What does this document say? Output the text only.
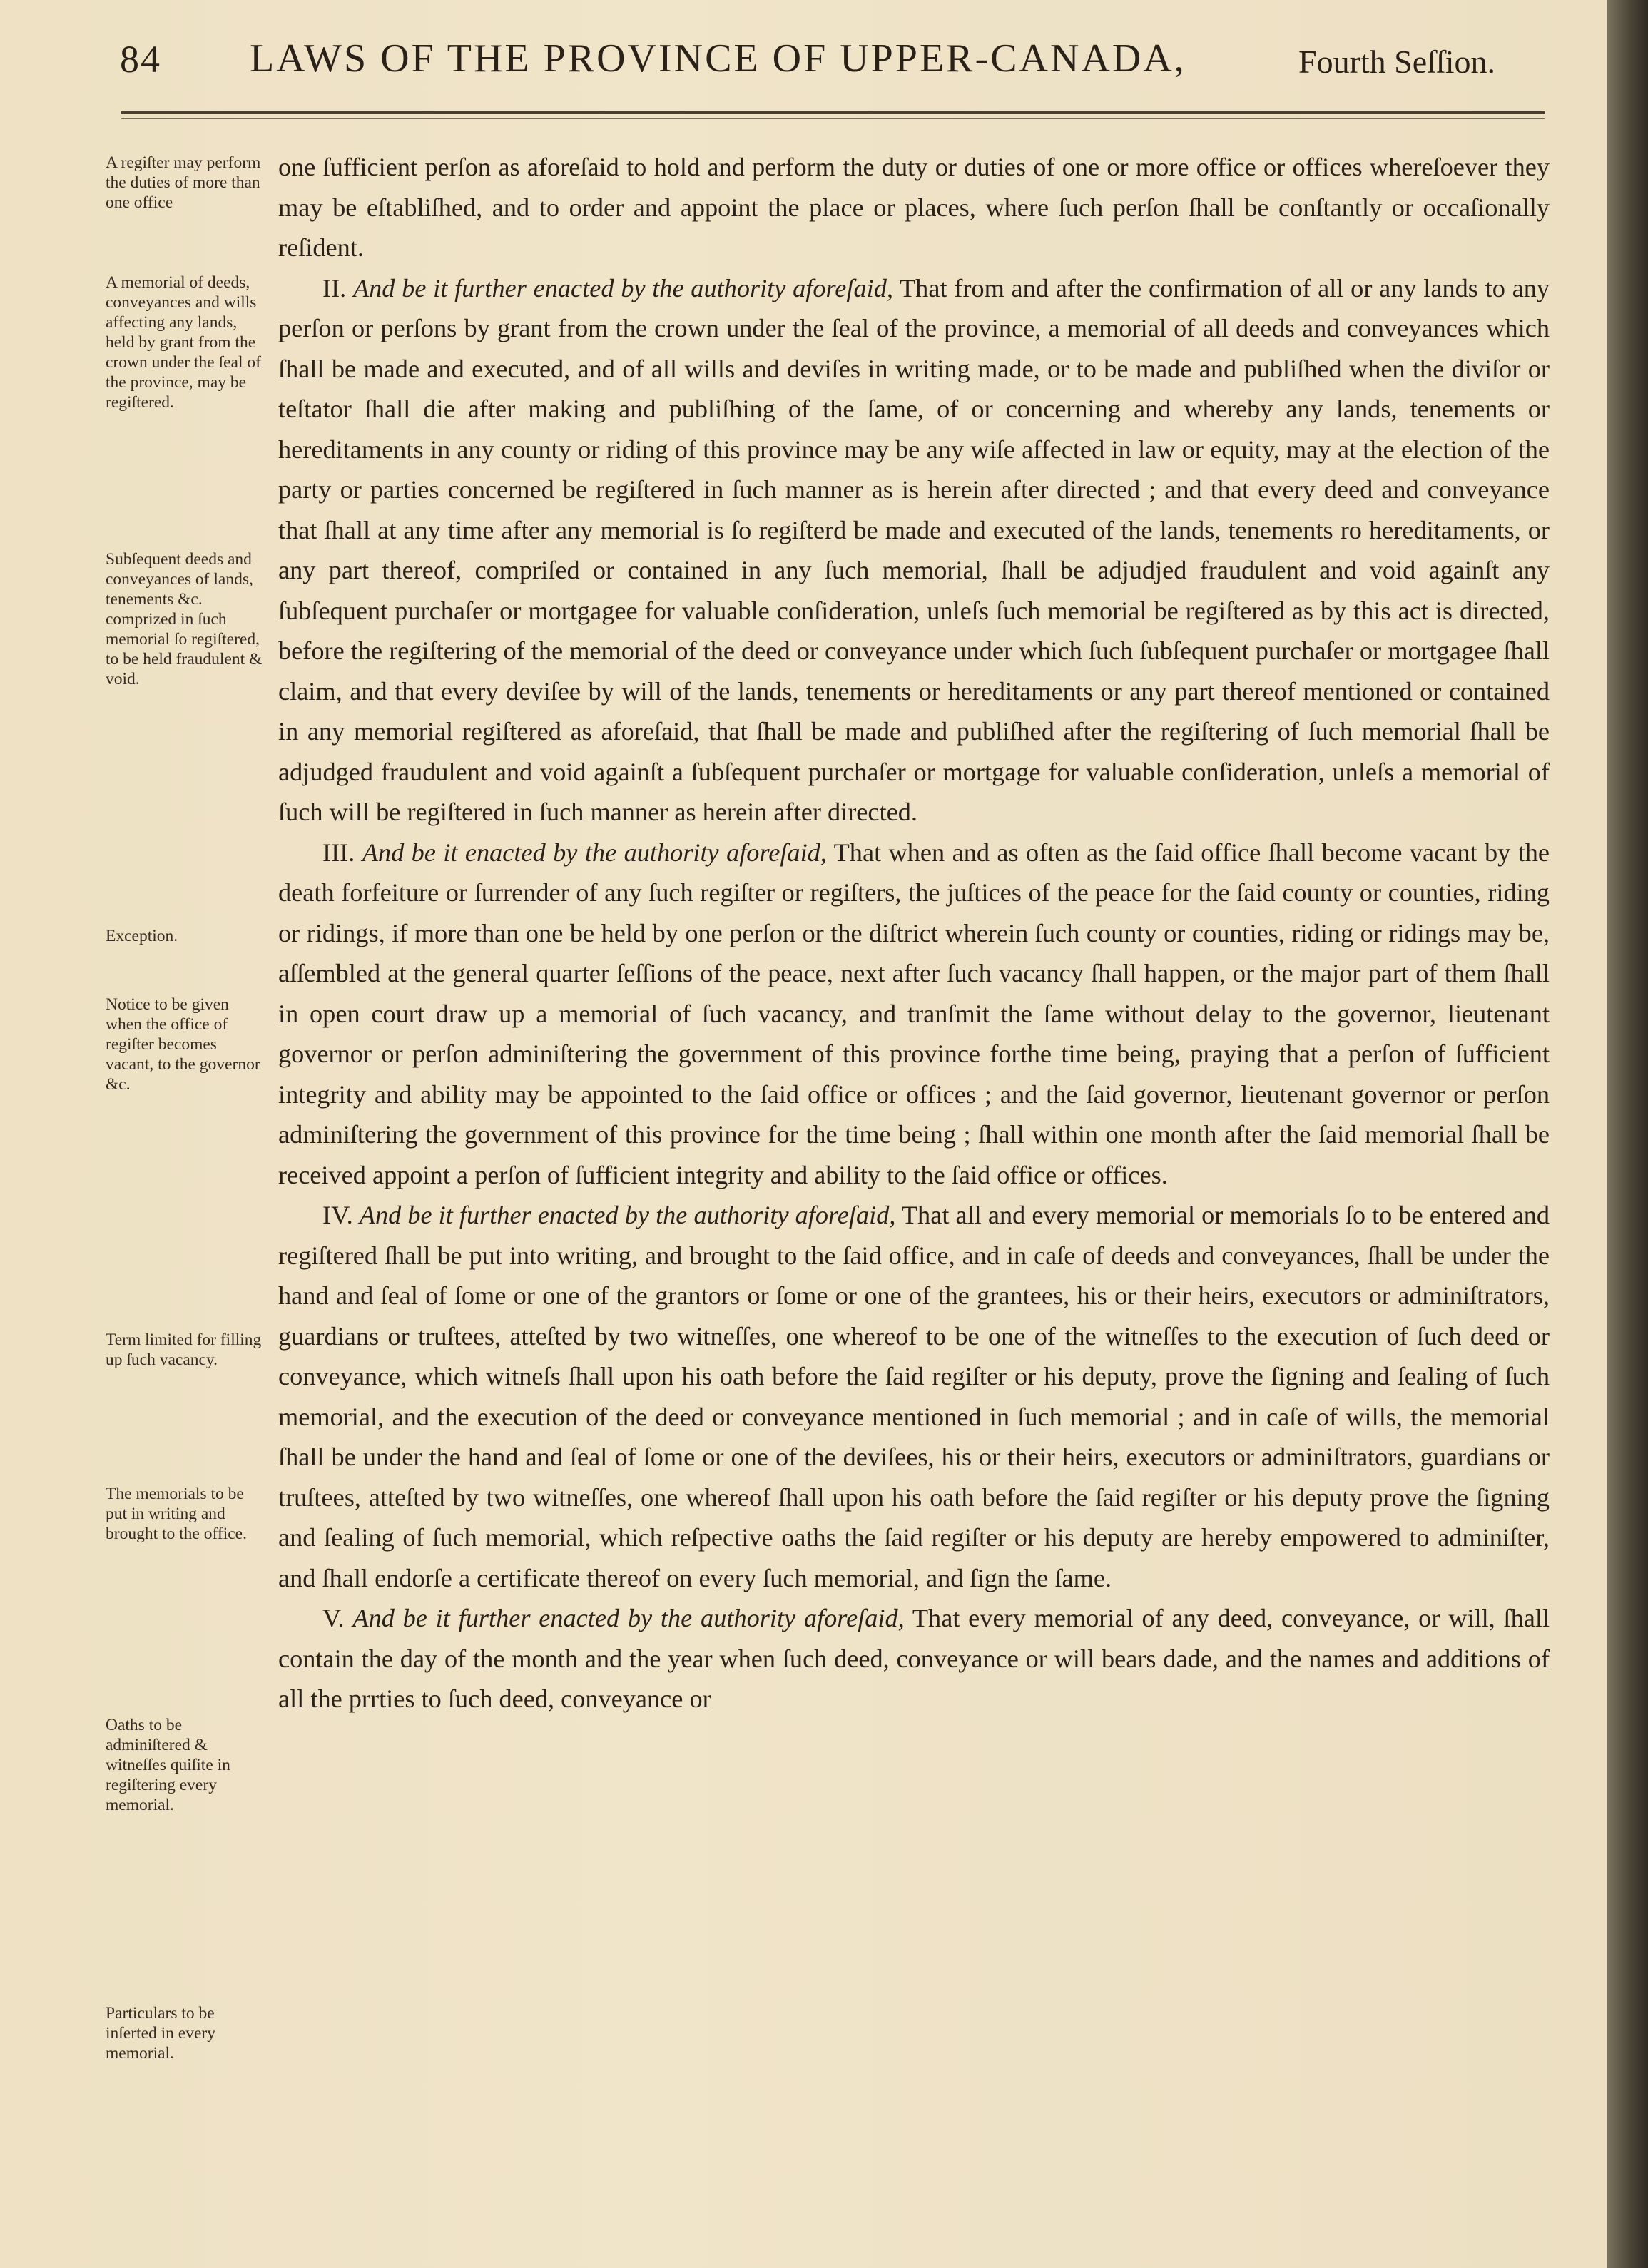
84 LAWS OF THE PROVINCE OF UPPER-CANADA,	Fourth Seſſion.
A regiſter may perform the duties of more than one office
A memorial of deeds, conveyances and wills affecting any lands, held by grant from the crown under the ſeal of the province, may be regiſtered.
Subſequent deeds and conveyances of lands, tenements &c. comprized in ſuch memorial ſo regiſtered, to be held fraudulent & void.
Exception.
Notice to be given when the office of regiſter becomes vacant, to the governor &c.
Term limited for filling up ſuch vacancy.
The memorials to be put in writing and brought to the office.
Oaths to be adminiſtered & witneſſes quiſite in regiſtering every memorial.
Particulars to be inſerted in every memorial.

one ſufficient perſon as aforeſaid to hold and perform the duty or duties of one or more office or offices whereſoever they may be eſtabliſhed, and to order and appoint the place or places, where ſuch perſon ſhall be conſtantly or occaſionally reſident.

II. And be it further enacted by the authority aforeſaid, That from and after the confirmation of all or any lands to any perſon or perſons by grant from the crown under the ſeal of the province, a memorial of all deeds and conveyances which ſhall be made and executed, and of all wills and deviſes in writing made, or to be made and publiſhed when the diviſor or teſtator ſhall die after making and publiſhing of the ſame, of or concerning and whereby any lands, tenements or hereditaments in any county or riding of this province may be any wiſe affected in law or equity, may at the election of the party or parties concerned be regiſtered in ſuch manner as is herein after directed ; and that every deed and conveyance that ſhall at any time after any memorial is ſo regiſterd be made and executed of the lands, tenements ro hereditaments, or any part thereof, compriſed or contained in any ſuch memorial, ſhall be adjudjed fraudulent and void againſt any ſubſequent purchaſer or mortgagee for valuable conſideration, unleſs ſuch memorial be regiſtered as by this act is directed, before the regiſtering of the memorial of the deed or conveyance under which ſuch ſubſequent purchaſer or mortgagee ſhall claim, and that every deviſee by will of the lands, tenements or hereditaments or any part thereof mentioned or contained in any memorial regiſtered as aforeſaid, that ſhall be made and publiſhed after the regiſtering of ſuch memorial ſhall be adjudged fraudulent and void againſt a ſubſequent purchaſer or mortgage for valuable conſideration, unleſs a memorial of ſuch will be regiſtered in ſuch manner as herein after directed.

III. And be it enacted by the authority aforeſaid, That when and as often as the ſaid office ſhall become vacant by the death forfeiture or ſurrender of any ſuch regiſter or regiſters, the juſtices of the peace for the ſaid county or counties, riding or ridings, if more than one be held by one perſon or the diſtrict wherein ſuch county or counties, riding or ridings may be, aſſembled at the general quarter ſeſſions of the peace, next after ſuch vacancy ſhall happen, or the major part of them ſhall in open court draw up a memorial of ſuch vacancy, and tranſmit the ſame without delay to the governor, lieutenant governor or perſon adminiſtering the government of this province forthe time being, praying that a perſon of ſufficient integrity and ability may be appointed to the ſaid office or offices ; and the ſaid governor, lieutenant governor or perſon adminiſtering the government of this province for the time being ; ſhall within one month after the ſaid memorial ſhall be received appoint a perſon of ſufficient integrity and ability to the ſaid office or offices.

IV. And be it further enacted by the authority aforeſaid, That all and every memorial or memorials ſo to be entered and regiſtered ſhall be put into writing, and brought to the ſaid office, and in caſe of deeds and conveyances, ſhall be under the hand and ſeal of ſome or one of the grantors or ſome or one of the grantees, his or their heirs, executors or adminiſtrators, guardians or truſtees, atteſted by two witneſſes, one whereof to be one of the witneſſes to the execution of ſuch deed or conveyance, which witneſs ſhall upon his oath before the ſaid regiſter or his deputy, prove the ſigning and ſealing of ſuch memorial, and the execution of the deed or conveyance mentioned in ſuch memorial ; and in caſe of wills, the memorial ſhall be under the hand and ſeal of ſome or one of the deviſees, his or their heirs, executors or adminiſtrators, guardians or truſtees, atteſted by two witneſſes, one whereof ſhall upon his oath before the ſaid regiſter or his deputy prove the ſigning and ſealing of ſuch memorial, which reſpective oaths the ſaid regiſter or his deputy are hereby empowered to adminiſter, and ſhall endorſe a certificate thereof on every ſuch memorial, and ſign the ſame.

V. And be it further enacted by the authority aforeſaid, That every memorial of any deed, conveyance, or will, ſhall contain the day of the month and the year when ſuch deed, conveyance or will bears dade, and the names and additions of all the prrties to ſuch deed, conveyance or
